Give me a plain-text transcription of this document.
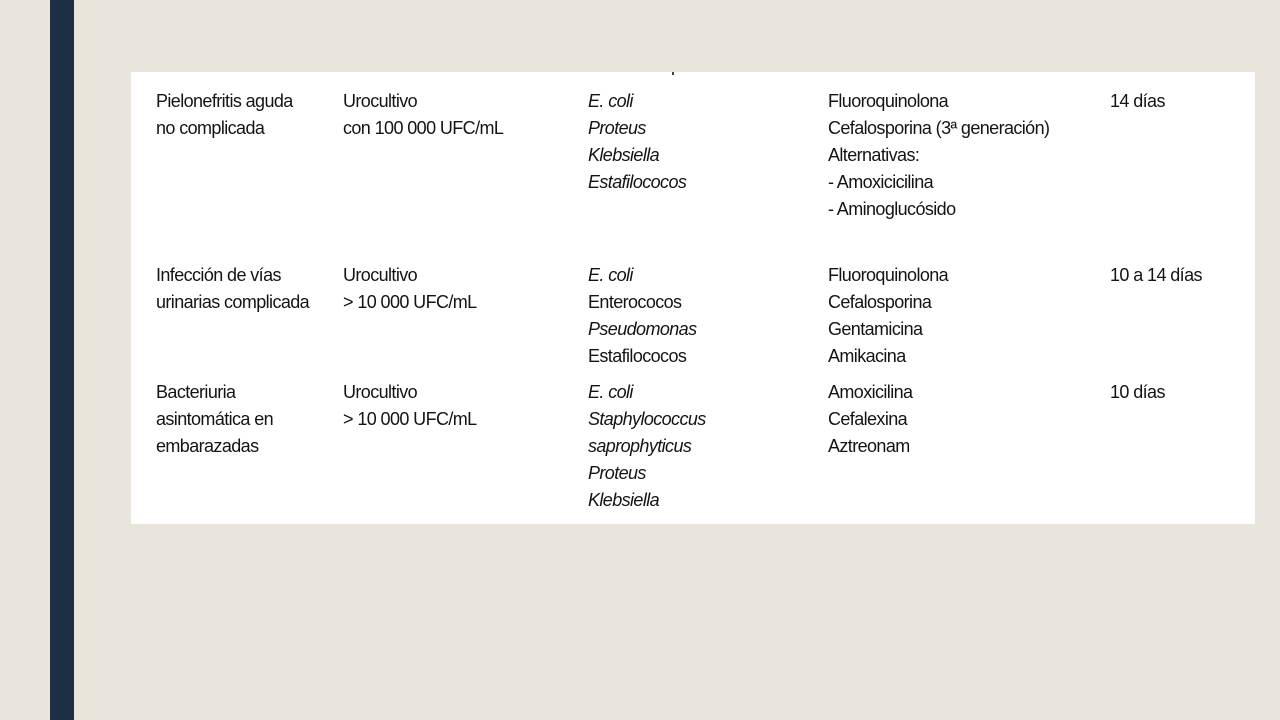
Pielonefritis aguda
no complicada
Urocultivo
con 100 000 UFC/mL
E. coli
Proteus
Klebsiella
Estafilococos
Fluoroquinolona
Cefalosporina (3ª generación)
Alternativas:
- Amoxicicilina
- Aminoglucósido
14 días
Infección de vías
urinarias complicada
Urocultivo
> 10 000 UFC/mL
E. coli
Enterococos
Pseudomonas
Estafilococos
Fluoroquinolona
Cefalosporina
Gentamicina
Amikacina
10 a 14 días
Bacteriuria
asintomática en
embarazadas
Urocultivo
> 10 000 UFC/mL
E. coli
Staphylococcus
saprophyticus
Proteus
Klebsiella
Amoxicilina
Cefalexina
Aztreonam
10 días
